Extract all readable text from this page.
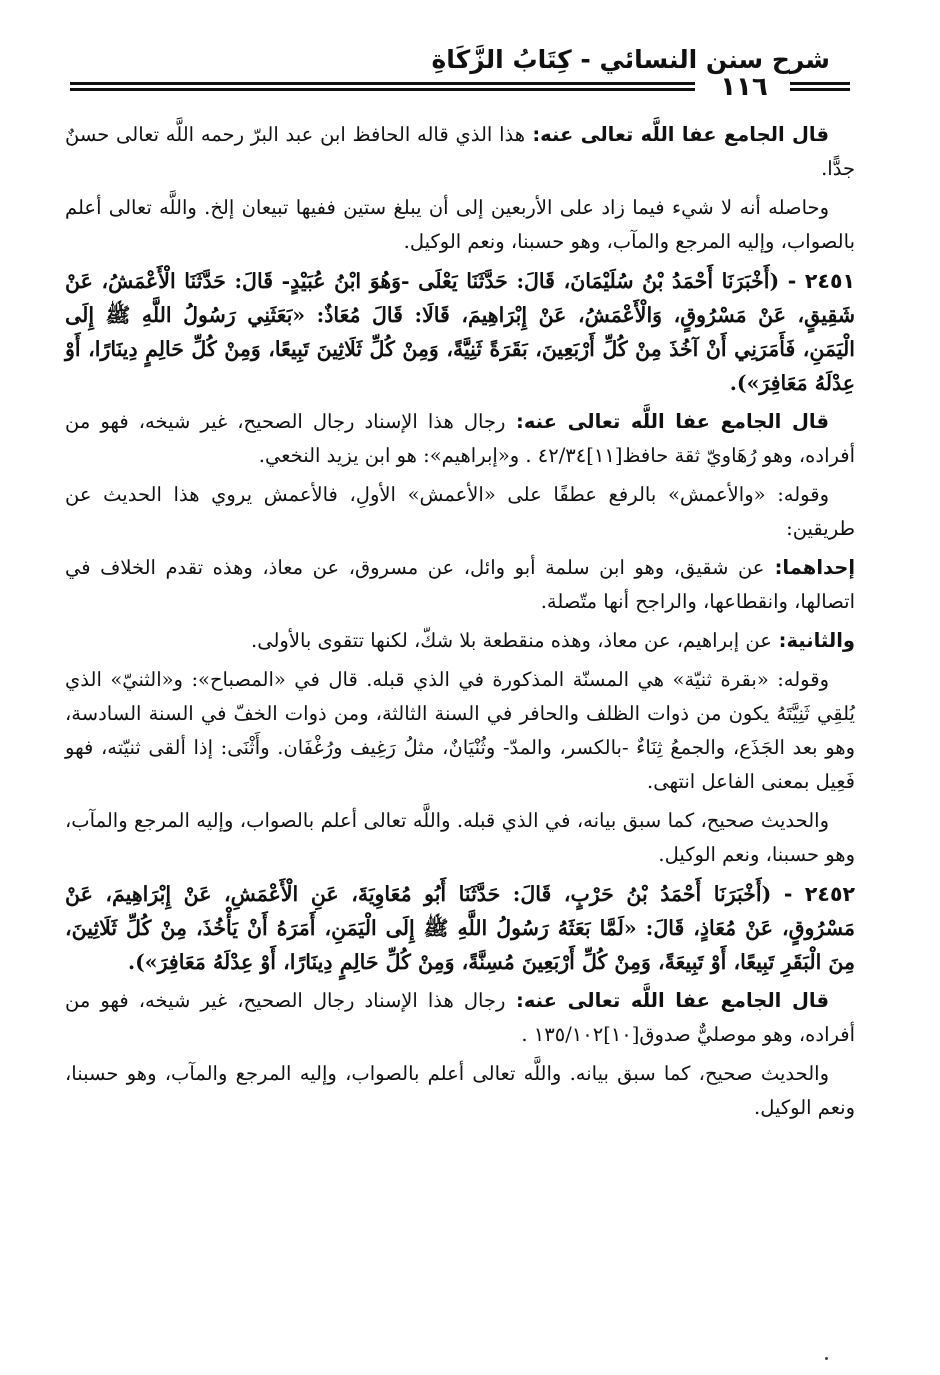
شرح سنن النسائي - كِتَابُ الزَّكَاةِ
١١٦

قال الجامع عفا اللَّه تعالى عنه: هذا الذي قاله الحافظ ابن عبد البرّ رحمه اللَّه تعالى حسنٌ جدًّا.

وحاصله أنه لا شيء فيما زاد على الأربعين إلى أن يبلغ ستين ففيها تبيعان إلخ. واللَّه تعالى أعلم بالصواب، وإليه المرجع والمآب، وهو حسبنا، ونعم الوكيل.

٢٤٥١ - (أَخْبَرَنَا أَحْمَدُ بْنُ سُلَيْمَانَ، قَالَ: حَدَّثَنَا يَعْلَى -وَهُوَ ابْنُ عُبَيْدٍ- قَالَ: حَدَّثَنَا الْأَعْمَشُ، عَنْ شَقِيقٍ، عَنْ مَسْرُوقٍ، وَالْأَعْمَشُ، عَنْ إِبْرَاهِيمَ، قَالَا: قَالَ مُعَاذٌ: «بَعَثَنِي رَسُولُ اللَّهِ ﷺ إِلَى الْيَمَنِ، فَأَمَرَنِي أَنْ آخُذَ مِنْ كُلِّ أَرْبَعِينَ، بَقَرَةً ثَنِيَّةً، وَمِنْ كُلِّ ثَلَاثِينَ تَبِيعًا، وَمِنْ كُلِّ حَالِمٍ دِينَارًا، أَوْ عِدْلَهُ مَعَافِرَ»).

قال الجامع عفا اللَّه تعالى عنه: رجال هذا الإسناد رجال الصحيح، غير شيخه، فهو من أفراده، وهو رُهَاويّ ثقة حافظ[١١]٤٢/٣٤ . و«إبراهيم»: هو ابن يزيد النخعي.

وقوله: «والأعمش» بالرفع عطفًا على «الأعمش» الأولِ، فالأعمش يروي هذا الحديث عن طريقين:

إحداهما: عن شقيق، وهو ابن سلمة أبو وائل، عن مسروق، عن معاذ، وهذه تقدم الخلاف في اتصالها، وانقطاعها، والراجح أنها متّصلة.

والثانية: عن إبراهيم، عن معاذ، وهذه منقطعة بلا شكّ، لكنها تتقوى بالأولى.

وقوله: «بقرة ثنيّة» هي المسنّة المذكورة في الذي قبله. قال في «المصباح»: و«الثنيّ» الذي يُلقِي ثَنِيَّتَهُ يكون من ذوات الظلف والحافر في السنة الثالثة، ومن ذوات الخفّ في السنة السادسة، وهو بعد الجَذَع، والجمعُ ثِنَاءٌ -بالكسر، والمدّ- وثُنْيَانٌ، مثلُ رَغِيف ورُغْفَان. وأَثْنَى: إذا ألقى ثنيّته، فهو فَعِيل بمعنى الفاعل انتهى.

والحديث صحيح، كما سبق بيانه، في الذي قبله. واللَّه تعالى أعلم بالصواب، وإليه المرجع والمآب، وهو حسبنا، ونعم الوكيل.

٢٤٥٢ - (أَخْبَرَنَا أَحْمَدُ بْنُ حَرْبٍ، قَالَ: حَدَّثَنَا أَبُو مُعَاوِيَةَ، عَنِ الْأَعْمَشِ، عَنْ إِبْرَاهِيمَ، عَنْ مَسْرُوقٍ، عَنْ مُعَاذٍ، قَالَ: «لَمَّا بَعَثَهُ رَسُولُ اللَّهِ ﷺ إِلَى الْيَمَنِ، أَمَرَهُ أَنْ يَأْخُذَ، مِنْ كُلِّ ثَلَاثِينَ، مِنَ الْبَقَرِ تَبِيعًا، أَوْ تَبِيعَةً، وَمِنْ كُلِّ أَرْبَعِينَ مُسِنَّةً، وَمِنْ كُلِّ حَالِمٍ دِينَارًا، أَوْ عِدْلَهُ مَعَافِرَ»).

قال الجامع عفا اللَّه تعالى عنه: رجال هذا الإسناد رجال الصحيح، غير شيخه، فهو من أفراده، وهو موصليٌّ صدوق[١٠]١٣٥/١٠٢ .

والحديث صحيح، كما سبق بيانه. واللَّه تعالى أعلم بالصواب، وإليه المرجع والمآب، وهو حسبنا، ونعم الوكيل.
